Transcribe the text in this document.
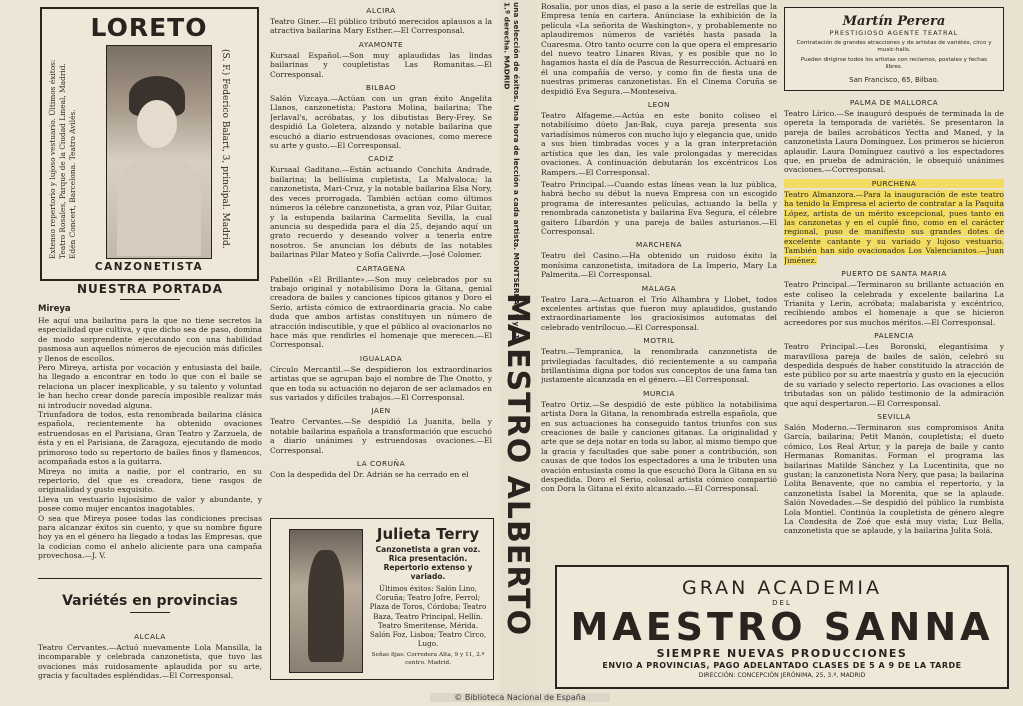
LORETO
Extenso repertorio y lujoso vestuario. Últimos éxitos: Teatro Rosales, Parque de la Ciudad Lineal, Madrid. Edén Concert, Barcelona. Teatro Avilés.	(S. F.) Federico Balart, 3, principal. Madrid.
CANZONETISTA
NUESTRA PORTADA
Mireya

He aquí una bailarina para la que no tiene secretos la especialidad que cultiva, y que dicho sea de paso, domina de modo sorprendente ejecutando con una habilidad pasmosa aun aquellos números de ejecución más difíciles y llenos de escollos.

Pero Mireya, artista por vocación y entusiasta del baile, ha llegado a encontrar en todo lo que con el baile se relaciona un placer inexplicable, y su talento y voluntad le han hecho crear donde parecía imposible realizar más ni introducir novedad alguna.

Triunfadora de todos, esta renombrada bailarina clásica española, recientemente ha obtenido ovaciones estruendosas en el Parisiana, Gran Teatro y Zarzuela, de ésta y en el Parisiana, de Zaragoza, ejecutando de modo primoroso todo su repertorio de bailes finos y flamencos, acompañada estos a la guitarra.

Mireya no imita a nadie, por el contrario, en su repertorio, del que es creadora, tiene rasgos de originalidad y gusto exquisito.

Lleva un vestuario lujosísimo de valor y abundante, y posee como mujer encantos inagotables.

O sea que Mireya posee todas las condiciones precisas para alcanzar éxitos sin cuento, y que su nombre figure hoy ya en el género ha llegado a todas las Empresas, que la codician como el anhelo aliciente para una campaña provechosa.—J. V.

Variétés en provincias
ALCALA

Teatro Cervantes.—Actuó nuevamente Lola Mansilla, la incomparable y celebrada canzonetista, que tuvo las ovaciones más ruidosamente aplaudida por su arte, gracia y facultades espléndidas.—El Corresponsal.

ALCIRA

Teatro Giner.—El público tributó merecidos aplausos a la atractiva bailarina Mary Esther.—El Corresponsal.

AYAMONTE

Kursaal Español.—Son muy aplaudidas las lindas bailarinas y coupletistas Las Romanitas.—El Corresponsal.

BILBAO

Salón Vizcaya.—Actúan con un gran éxito Angelita Llanos, canzonetista; Pastora Molina, bailarina; The Jerlaval's, acróbatas, y los dibutistas Bery-Frey. Se despidió La Goletera, alzando y notable bailarina que escuchó a diario estruendosas ovaciones, como merece su arte y gusto.—El Corresponsal.

CADIZ

Kursaal Gaditano.—Están actuando Conchita Andrade, bailarina; la bellísima cupletista, La Malvaloca; la canzonetista, Mari-Cruz, y la notable bailarina Elsa Nory, des veces prorrogada. También actúan como últimos números la célebre canzonetista, a gran voz, Pilar Guitar, y la estupenda bailarina Carmelita Sevilla, la cual anuncia su despedida para el día 25, dejando aquí un grato recuerdo y deseando volver a tenerla entre nosotros. Se anuncian los débuts de las notables bailarinas Pilar Mateo y Sofía Calivrde.—José Colomer.

CARTAGENA

Pabellón «El Brillante».—Son muy celebrados por su trabajo original y notabilísimo Dora la Gitana, genial creadora de bailes y canciones típicos gitanos y Doro el Serio, artista cómico de extraordinaria gracia. No cabe duda que ambos artistas constituyen un número de atracción indiscutible, y que el público al ovacionarlos no hace más que rendirles el homenaje que merecen.—El Corresponsal.

IGUALADA

Círculo Mercantil.—Se despidieron los extraordinarios artistas que se agrupan bajo el nombre de The Onotto, y que en toda su actuación no dejaron de ser aclamados en sus variados y difíciles trabajos.—El Corresponsal.

JAEN

Teatro Cervantes.—Se despidió La Juanita, bella y notable bailarina española a transformación que escuchó a diario unánimes y estruendosas ovaciones.—El Corresponsal.

LA CORUÑA

Con la despedida del Dr. Adrián se ha cerrado en el

Julieta Terry
Canzonetista a gran voz.
Rica presentación.
Repertorio extenso y variado.
Últimos éxitos: Salón Lino, Coruña; Teatro Jofre, Ferrol; Plaza de Toros, Córdoba; Teatro Baza, Teatro Principal, Hellín. Teatro Smeritense, Mérida. Salón Foz, Lisboa; Teatro Circo, Lugo.
Señas fijas: Corredera Alta, 9 y 11, 2.º centro. Madrid.
una selección de éxitos. Una hora de lección a cada artista. MONTSERRAT, 9 y 11, 1.º derecha. MADRID
MAESTRO ALBERTO

Rosalía, por unos días, el paso a la serie de estrellas que la Empresa tenía en cartera. Anúnciase la exhibición de la película «La señorita de Washington», y probablemente no aplaudiremos números de variétés hasta pasada la Cuaresma. Otro tanto ocurre con la que opera el empresario del nuevo teatro Linares Rivas, y es posible que no lo hagamos hasta el día de Pascua de Resurrección. Actuará en él una compañía de verso, y como fin de fiesta una de nuestras primeras canzonetistas. En el Cinema Coruña se despidió Eva Segura.—Monteseiva.

LEON

Teatro Alfageme.—Actúa en este bonito coliseo el notabilísimo dúeto Jan-Bak, cuya pareja presenta sus variadísimos números con mucho lujo y elegancia que, unido a sus bien timbradas voces y a la gran interpretación artística que les dan, les vale prolongadas y merecidas ovaciones. A continuación debutarán los excéntricos Los Rampers.—El Corresponsal.

Teatro Principal.—Cuando estas líneas vean la luz pública, habrá hecho su début la nueva Empresa con un escogido programa de interesantes películas, actuando la bella y renombrada canzonetista y bailarina Eva Segura, el célebre gaitero Libardón y una pareja de bailes asturianos.—El Corresponsal.

MARCHENA

Teatro del Casino.—Ha obtenido un ruidoso éxito la monísima canzonetista, imitadora de La Imperio, Mary La Palmerita.—El Corresponsal.

MALAGA

Teatro Lara.—Actuaron el Trío Alhambra y Llobet, todos excelentes artistas que fueron muy aplaudidos, gustando extraordinariamente los graciosísimos automatas del celebrado ventrílocuo.—El Corresponsal.

MOTRIL

Teatro.—Tempranica, la renombrada canzonetista de privilegiadas facultades, dió recientemente a su campaña brillantísima digna por todos sus conceptos de una fama tan justamente alcanzada en el género.—El Corresponsal.

MURCIA

Teatro Ortiz.—Se despidió de este público la notabilísima artista Dora la Gitana, la renombrada estrella española, que en sus actuaciones ha conseguido tantos triunfos con sus creaciones de baile y canciones gitanas. La originalidad y arte que se deja notar en toda su labor, al mismo tiempo que la gracia y facultades que sabe poner a contribución, son causas de que todos los espectadores a una le tributen una ovación entusiasta como la que escuchó Dora la Gitana en su despedida. Doro el Serio, colosal artista cómico compartió con Dora la Gitana el éxito alcanzado.—El Corresponsal.

Martín Perera
PRESTIGIOSO AGENTE TEATRAL
Contratación de grandes atracciones y de artistas de variétés, circo y music-halls.
Pueden dirigirse todos los artistas con reclamos, postales y fechas libres.
San Francisco, 65, Bilbao.
PALMA DE MALLORCA

Teatro Lírico.—Se inauguró después de terminada la de opereta la temporada de variétés. Se presentaron la pareja de bailes acrobáticos Yectta and Maned, y la canzonetista Laura Domínguez. Los primeros se hicieron aplaudir. Laura Domínguez cautivó a los espectadores que, en prueba de admiración, le obsequió unánimes ovaciones.—Corresponsal.

PURCHENA

Teatro Almanzora.—Para la inauguración de este teatro ha tenido la Empresa el acierto de contratar a la Paquita López, artista de un mérito excepcional, pues tanto en las canzonetas y en el cuplé fino, como en el carácter regional, puso de manifiesto sus grandes dotes de excelente cantante y su variado y lujoso vestuario. También han sido ovacionados Los Valencianitos.—Juan Jiménez.

PUERTO DE SANTA MARIA

Teatro Principal.—Terminaron su brillante actuación en este coliseo la celebrada y excelente bailarina La Trianita y Lerin, acróbata; malabarista y excéntrico, recibiendo ambos el homenaje a que se hicieron acreedores por sus muchos méritos.—El Corresponsal.

PALENCIA

Teatro Principal.—Les Boronski, elegantísima y maravillosa pareja de bailes de salón, celebró su despedida después de haber constituido la atracción de este público por su arte maestría y gusto en la ejecución de su variado y selecto repertorio. Las ovaciones a ellos tributadas son un pálido testimonio de la admiración que aquí despertaron.—El Corresponsal.

SEVILLA

Salón Moderno.—Terminaron sus compromisos Anita García, bailarina; Petit Manón, coupletista; el dueto cómico, Los Real Artur, y la pareja de baile y canto Hermanas Romanitas. Forman el programa las bailarinas Matilde Sánchez y La Lucentinita, que no gustan; la canzonetista Nora Nery, que pasa; la bailarina Lolita Benavente, que no cambia el repertorio, y la canzonetista Isabel la Morenita, que se la aplaude. Salón Novedades.—Se despidió del público la rumbista Lola Montiel. Continúa la coupletista de género alegre La Condesita de Zoé que está muy vista; Luz Bella, canzonetista que se aplaude, y la bailarina Julita Solá.

GRAN ACADEMIA
DEL
MAESTRO SANNA
SIEMPRE NUEVAS PRODUCCIONES
ENVIO A PROVINCIAS, PAGO ADELANTADO CLASES DE 5 A 9 DE LA TARDE
DIRECCIÓN: CONCEPCIÓN JERÓNIMA, 25, 3.º, MADRID
© Biblioteca Nacional de España
